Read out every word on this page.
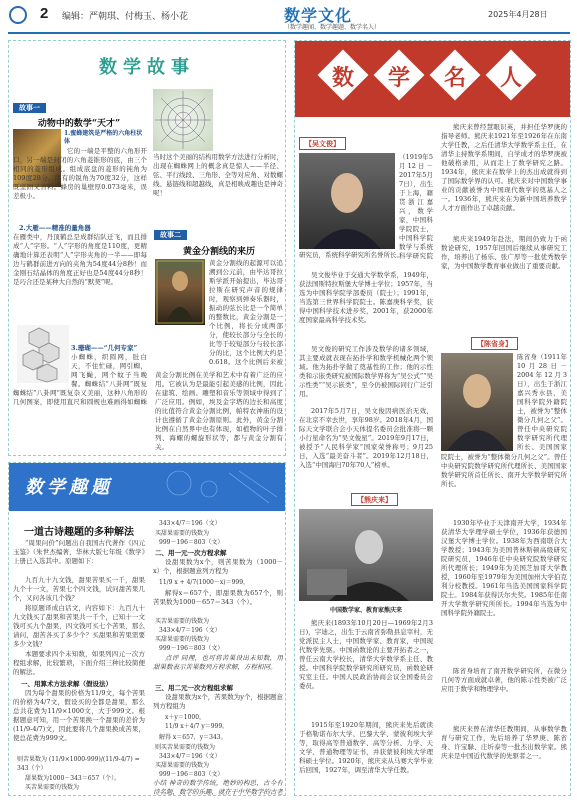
2 编辑：严朝琪、付梅玉、杨小花	数学文化
（数学趣闻、数学趣题、数学名人）
2025年4月28日
数学故事
故事一
动物中的数学“天才”
1.蜜蜂建筑是严格的六角柱状体
它的一端是平整的六角形开口，另一端是封闭的六角菱锥形的底，由三个相同的菱形组成。组成底盘的菱形的钝角为109度28分，所有的锐角为70度32分，这样既坚固又省料。蜂房的巢壁厚0.073毫米，误差极小。
2.大雁——精准的量角器
在雁类中，丹顶鹤总是成群结队迁飞，而且排成“人”字形。“人”字形的角度是110度，更精确地计算还表明“人”字形夹角的一半——即每边与鹤群前进方向的夹角为54度44分8秒！而金刚石结晶体的角度正好也是54度44分8秒！是巧合还是某种大自然的“默契”呢。
3.珊瑚——“几何专家”
小蜘蛛，织圆网，肚白天，不住忙碌，网引蜘，网飞蝇，网个蚊子当晚餐。蜘蛛结“八卦网”既复
蜘蛛结“八卦网”既复杂又美丽，这种八角形的几何图案，即使用直尺和圆规也难画得如蜘蛛
当时这个美丽的结构用数学方法进行分析时，出现在蜘蛛网上的概念真是惊人——半径、弦、平行线段、三角形、全等对应角、对数螺线、悬链线和超越线，真是相映成趣也是神奇呢！
故事二
黄金分割线的来历
黄金分割线的起源可以追溯到公元前，由毕达哥拉斯学派开始提出，毕达哥拉斯在研究声音的规律时，观察到弹奏乐器时，振动的弦长比是一个简单的整数比，黄金分割是一个比例，将长分成两部分，使较长部分与全长的比等于较短部分与较长部分的比，这个比例大约是0.618。这个比例后来被
黄金分割比例在美学和艺术中有着广泛的应用。它被认为是最能引起美感的比例，因此在建筑、绘画、雕塑和音乐等领域中得到了广泛应用。例如，埃及金字塔的边长和高度的比值符合黄金分割比例，帕特农神庙的设计也遵循了黄金分割原则。此外，黄金分割比例在自然界中也有体现，如植物的叶子排列、海螺的螺旋形状等，都与黄金分割有关。
数学趣题
一道古诗趣题的多种解法
“周果问价”问题出自我国古代著作《四元玉鉴》（朱世杰编著，华林大版七年级《数学》上册已入选其中。原题如下：
九百九十九文钱，甜果苦果买一千，甜果九个十一文，苦果七个四文钱，试问甜苦果几个，又问各该几个钱？
将原题译成白话文，内容如下：九百九十九文钱买了甜果和苦果共一千个，已知十一文钱可买九个甜果，四文钱可买七个苦果，那么请问，甜苦各买了多少个？买甜果和苦果需要多少文钱？
本题要求四个未知数，如果列四元一次方程组求解，比较繁琐，下面介绍三种比较简便的解法。
一、用算术方法求解（假设法）
因为每个甜果的价格为11/9文，每个苦果的价格为4/7文，假设买的全都是甜果，那么总共花费为11/9×1000文，大于999文。根据题意可知，用一个苦果换一个甜果的差价为(11/9-4/7)文，因此要将几个甜果换成苦果，使总花费为999文。
则苦果数为 (11/9×1000-999)/(11/9-4/7) = 343（个）
甜果数为1000－343＝657（个）。
买苦果需要的钱数为
343×4/7＝196（文）
买甜果需要的钱数为
999－196＝803（文）
二、用一元一次方程求解
设甜果数为x个，则苦果数为（1000－x）个，根据题意列方程为
11/9 x + 4/7(1000－x)＝999，
解得x＝657个，即甜果数为657个，则苦果数为1000－657＝343（个）。
买苦果需要的钱数为
343×4/7＝196（文）
买甜果需要的钱数为
999－196＝803（文）
点评 同理，也可将苦果设出未知数，用甜果数表示苦果数列方程求解，方程相同。
三、用二元一次方程组求解
设甜果数为x个，苦果数为y个，根据题意列方程组为
x＋y＝1000，
11/9 x＋4/7 y＝999。
解得 x＝657，y＝343。
则买苦果需要的钱数为
343×4/7＝196（文）
买甜果需要的钱数为
999－196＝803（文）
小结 神奇的数学传统，绝妙的构思，古今有诗名题，数学的乐趣，就在于中华数学的古老
数	学	名	人
【吴文俊】
（1919年5月12日－2017年5月7日），出生于上海，籍贯浙江嘉兴，数学家，中国科学院院士，中国科学院数学与系统科学研究院
研究员，系统科学研究所名誉所长。
吴文俊毕业于交通大学数学系，1949年，获法国斯特拉斯堡大学博士学位；1957年，当选为中国科学院学部委员（院士）；1991年，当选第三世界科学院院士。陈嘉庚科学奖，获得中国科学技术进步奖，2001年，获2000年度国家最高科学技术奖。
吴文俊的研究工作涉及数学的诸多领域，其主要成就表现在拓扑学和数学机械化两个领域。他为拓扑学做了奠基性的工作；他的示性类和示嵌类研究被国际数学界称为“吴公式”“吴示性类”“吴示嵌类”，至今仍被国际同行广泛引用。
2017年5月7日，吴文俊因病医治无效，在北京不幸去世，享年98岁。2018年4月，国际天文学联合会小天体提名委员会批准将一颗小行星命名为“吴文俊星”。2019年9月17日，被授予“人民科学家”国家荣誉称号；9月25日，入选“最美奋斗者”。2019年12月18日，入选“中国海归70年70人”榜单。
【熊庆来】
中国数学家、教育家熊庆来
熊庆来(1893年10月20日—1969年2月3日)，字迪之，出生于云南省弥勒县息宰村，无党派民主人士，中国数学家、教育家，中国现代数学先驱。中国函数论的主要开拓者之一，曾任云南大学校长，清华大学数学系主任、教授。中国科学院数学研究所研究员，函数论研究室主任。中国人民政治协商会议全国委员会委员。
1915年至1920年期间，熊庆来先后就读于格勒诺布尔大学、巴黎大学、蒙彼利埃大学等，取得高等普通数学、高等分析、力学、天文学、普通物理等证书，并获蒙彼利埃大学理科硕士学位。1920年，熊庆来从马赛大学毕业后回国，1927年，调至清华大学任教。
熊庆来曾经慧眼识英，并担任华罗庚的指导老师。熊庆来1921年至1926年在东南大学任教，之后任清华大学数学系主任，在清华主持数学系期间，自学成才的华罗庚被他破格录用，从而走上了数学研究之路。1934年，熊庆来在数学上的杰出成就得到了国际数学界的认可。熊庆来对中国数学事业的贡献被誉为中国现代数学的奠基人之一。1936年，熊庆来在为新中国培养数学人才方面作出了卓越贡献。
熊庆来1949年赴法，期间仍致力于函数论研究，1957年回国后继续从事研究工作，培养出了杨乐、张广厚等一批优秀数学家，为中国数学教育事业做出了重要贡献。
【陈省身】
陈省身（1911年10月28日－2004年12月3日），出生于浙江嘉兴秀水县，美国科学院外籍院士，被誉为“整体微分几何之父”。曾任中央研究院数学研究所代理所长、美国国家
院院士，被誉为“整体微分几何之父”。曾任中央研究院数学研究所代理所长、美国国家数学研究所首任所长、南开大学数学研究所所长。
1930年毕业于天津南开大学，1934年获清华大学理学硕士学位，1936年获德国汉堡大学博士学位。1938年为西南联合大学教授；1943年为美国普林斯顿高级研究院研究员，1946年任中央研究院数学研究所代理所长；1949年为美国芝加哥大学教授，1960年至1979年为美国加州大学伯克利分校教授。1961年当选美国国家科学院院士。1984年获得沃尔夫奖。1985年任南开大学数学研究所所长。1994年当选为中国科学院外籍院士。
陈省身培育了南开数学研究所，在微分几何等方面成就卓著，他的陈示性类被广泛应用于数学和物理学中。
熊庆来曾在清华任教期间，从事数学教育与研究工作，先后培养了华罗庚、陈省身、许宝騄、庄圻泰等一批杰出数学家。熊庆来是中国近代数学的先驱者之一。
